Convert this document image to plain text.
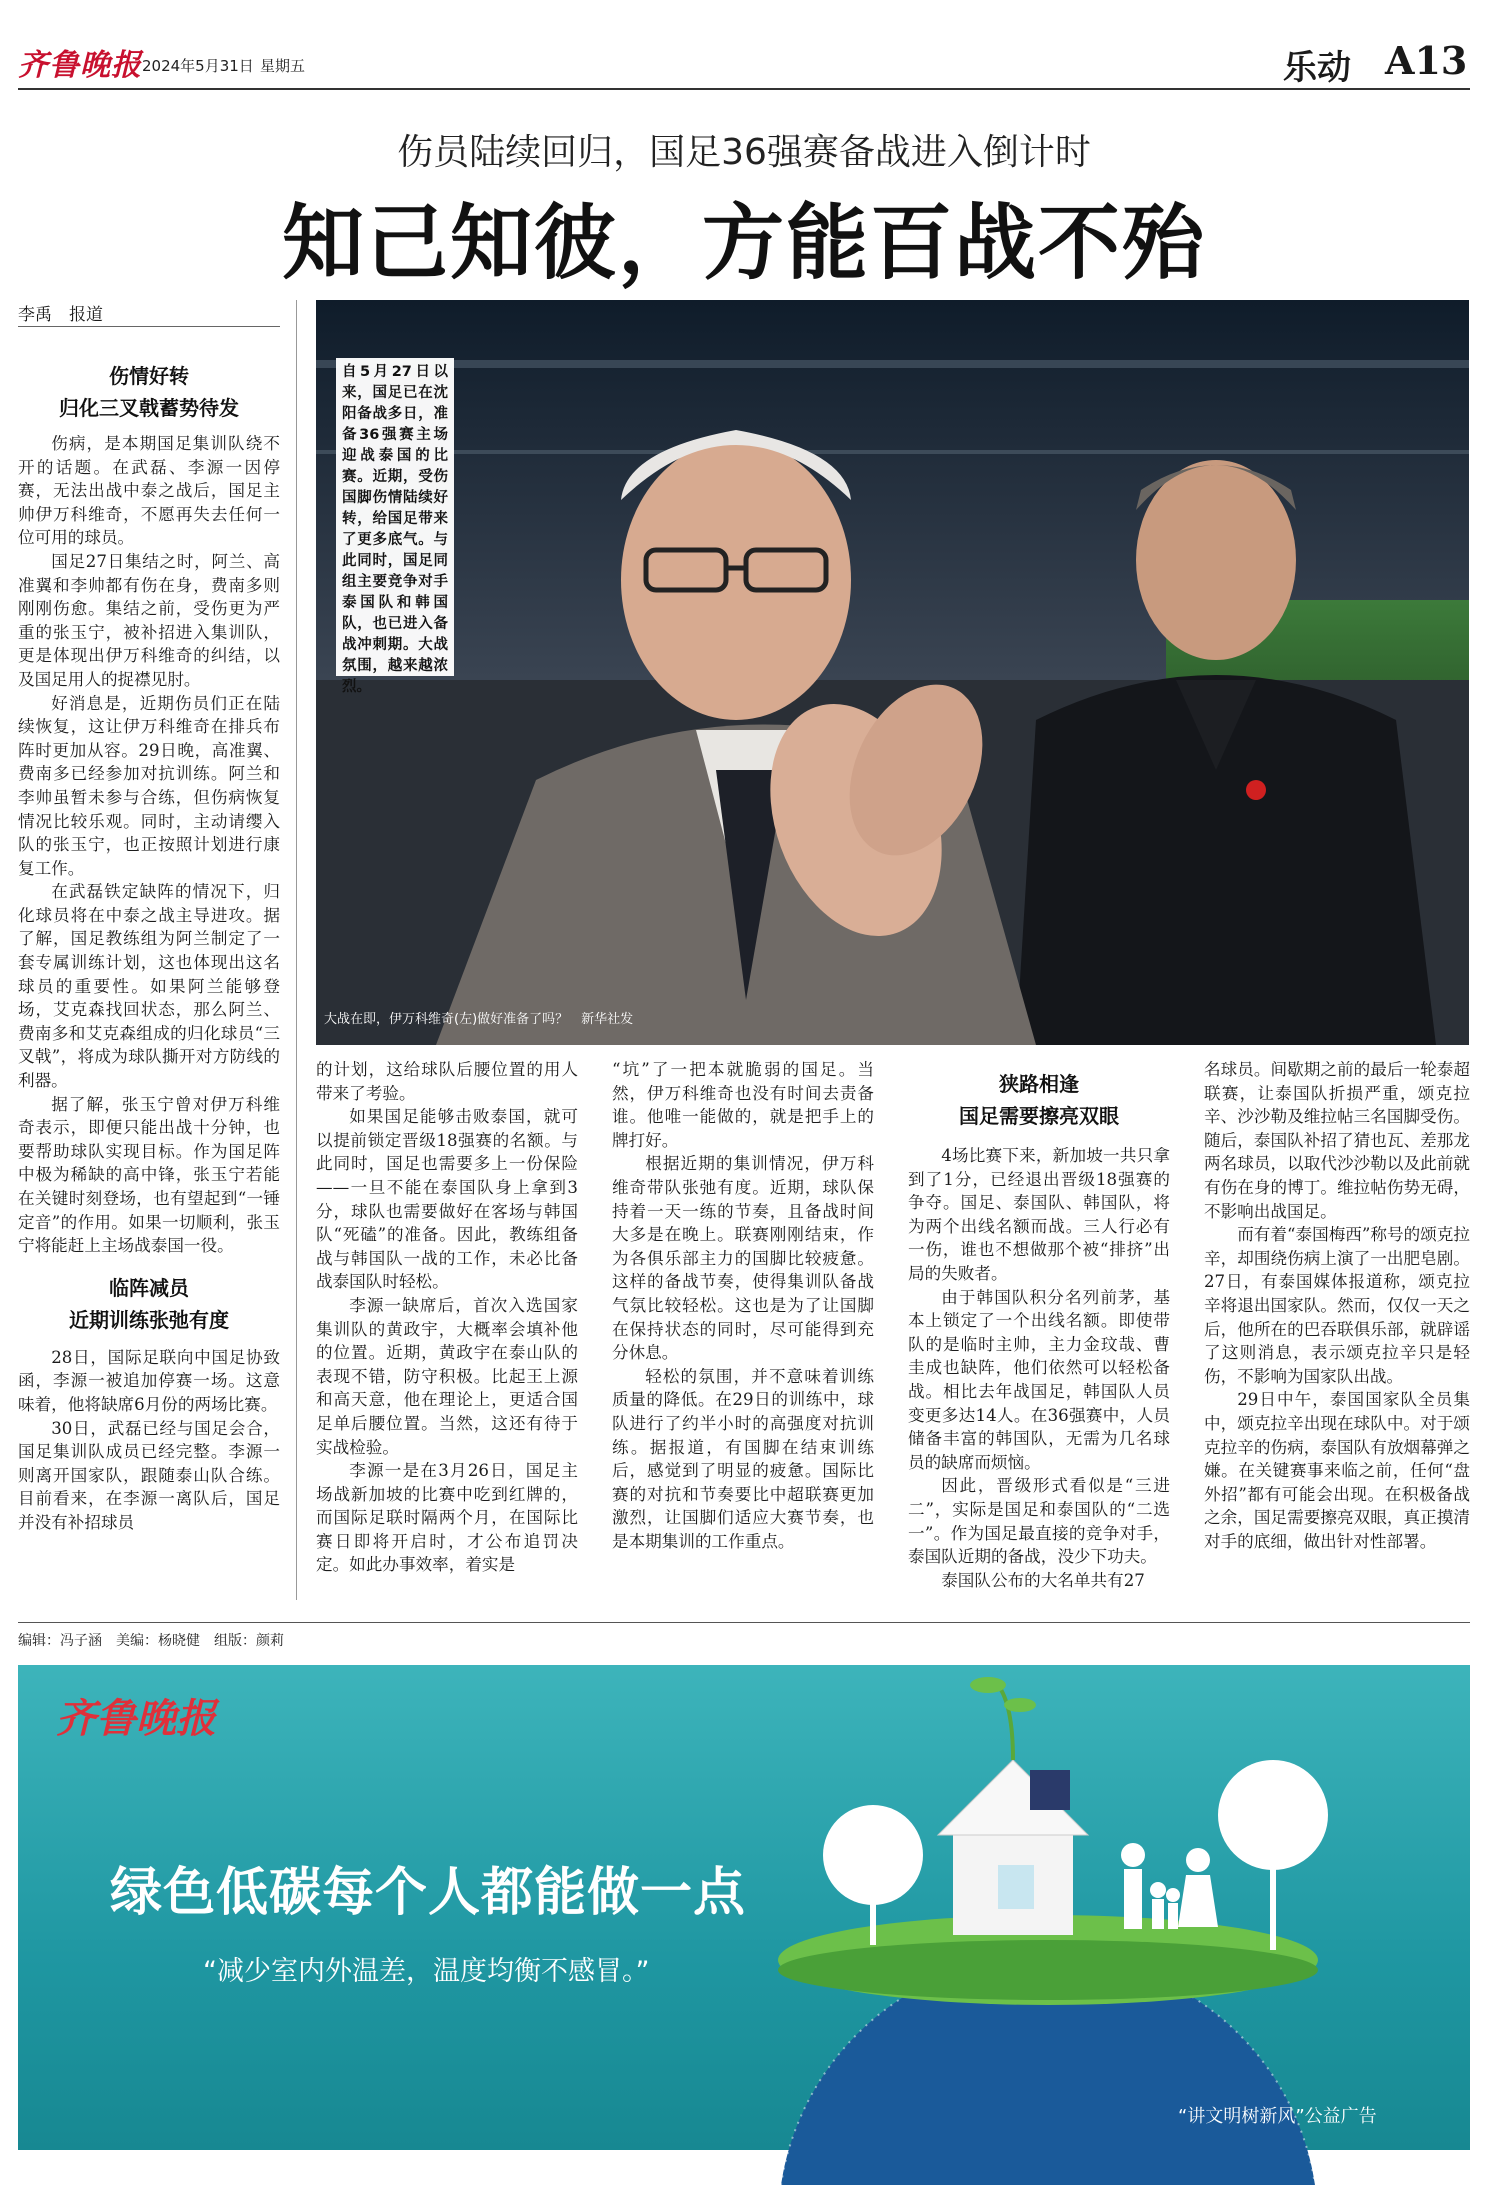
齐鲁晚报 2024年5月31日 星期五	乐动 A13
伤员陆续回归，国足36强赛备战进入倒计时
知己知彼，方能百战不殆
李禹　报道
自5月27日以来，国足已在沈阳备战多日，准备36强赛主场迎战泰国的比赛。近期，受伤国脚伤情陆续好转，给国足带来了更多底气。与此同时，国足同组主要竞争对手泰国队和韩国队，也已进入备战冲刺期。大战氛围，越来越浓烈。
大战在即，伊万科维奇(左)做好准备了吗？　新华社发
伤情好转
归化三叉戟蓄势待发

伤病，是本期国足集训队绕不开的话题。在武磊、李源一因停赛，无法出战中泰之战后，国足主帅伊万科维奇，不愿再失去任何一位可用的球员。

国足27日集结之时，阿兰、高准翼和李帅都有伤在身，费南多则刚刚伤愈。集结之前，受伤更为严重的张玉宁，被补招进入集训队，更是体现出伊万科维奇的纠结，以及国足用人的捉襟见肘。

好消息是，近期伤员们正在陆续恢复，这让伊万科维奇在排兵布阵时更加从容。29日晚，高准翼、费南多已经参加对抗训练。阿兰和李帅虽暂未参与合练，但伤病恢复情况比较乐观。同时，主动请缨入队的张玉宁，也正按照计划进行康复工作。

在武磊铁定缺阵的情况下，归化球员将在中泰之战主导进攻。据了解，国足教练组为阿兰制定了一套专属训练计划，这也体现出这名球员的重要性。如果阿兰能够登场，艾克森找回状态，那么阿兰、费南多和艾克森组成的归化球员“三叉戟”，将成为球队撕开对方防线的利器。

据了解，张玉宁曾对伊万科维奇表示，即便只能出战十分钟，也要帮助球队实现目标。作为国足阵中极为稀缺的高中锋，张玉宁若能在关键时刻登场，也有望起到“一锤定音”的作用。如果一切顺利，张玉宁将能赶上主场战泰国一役。

临阵减员
近期训练张弛有度

28日，国际足联向中国足协致函，李源一被追加停赛一场。这意味着，他将缺席6月份的两场比赛。

30日，武磊已经与国足会合，国足集训队成员已经完整。李源一则离开国家队，跟随泰山队合练。目前看来，在李源一离队后，国足并没有补招球员

的计划，这给球队后腰位置的用人带来了考验。

如果国足能够击败泰国，就可以提前锁定晋级18强赛的名额。与此同时，国足也需要多上一份保险——一旦不能在泰国队身上拿到3分，球队也需要做好在客场与韩国队“死磕”的准备。因此，教练组备战与韩国队一战的工作，未必比备战泰国队时轻松。

李源一缺席后，首次入选国家集训队的黄政宇，大概率会填补他的位置。近期，黄政宇在泰山队的表现不错，防守积极。比起王上源和高天意，他在理论上，更适合国足单后腰位置。当然，这还有待于实战检验。

李源一是在3月26日，国足主场战新加坡的比赛中吃到红牌的，而国际足联时隔两个月，在国际比赛日即将开启时，才公布追罚决定。如此办事效率，着实是

“坑”了一把本就脆弱的国足。当然，伊万科维奇也没有时间去责备谁。他唯一能做的，就是把手上的牌打好。

根据近期的集训情况，伊万科维奇带队张弛有度。近期，球队保持着一天一练的节奏，且备战时间大多是在晚上。联赛刚刚结束，作为各俱乐部主力的国脚比较疲惫。这样的备战节奏，使得集训队备战气氛比较轻松。这也是为了让国脚在保持状态的同时，尽可能得到充分休息。

轻松的氛围，并不意味着训练质量的降低。在29日的训练中，球队进行了约半小时的高强度对抗训练。据报道，有国脚在结束训练后，感觉到了明显的疲惫。国际比赛的对抗和节奏要比中超联赛更加激烈，让国脚们适应大赛节奏，也是本期集训的工作重点。

狭路相逢
国足需要擦亮双眼

4场比赛下来，新加坡一共只拿到了1分，已经退出晋级18强赛的争夺。国足、泰国队、韩国队，将为两个出线名额而战。三人行必有一伤，谁也不想做那个被“排挤”出局的失败者。

由于韩国队积分名列前茅，基本上锁定了一个出线名额。即使带队的是临时主帅，主力金玟哉、曹圭成也缺阵，他们依然可以轻松备战。相比去年战国足，韩国队人员变更多达14人。在36强赛中，人员储备丰富的韩国队，无需为几名球员的缺席而烦恼。

因此，晋级形式看似是“三进二”，实际是国足和泰国队的“二选一”。作为国足最直接的竞争对手，泰国队近期的备战，没少下功夫。

泰国队公布的大名单共有27

名球员。间歇期之前的最后一轮泰超联赛，让泰国队折损严重，颂克拉辛、沙沙勒及维拉帖三名国脚受伤。随后，泰国队补招了猜也瓦、差那龙两名球员，以取代沙沙勒以及此前就有伤在身的博丁。维拉帖伤势无碍，不影响出战国足。

而有着“泰国梅西”称号的颂克拉辛，却围绕伤病上演了一出肥皂剧。27日，有泰国媒体报道称，颂克拉辛将退出国家队。然而，仅仅一天之后，他所在的巴吞联俱乐部，就辟谣了这则消息，表示颂克拉辛只是轻伤，不影响为国家队出战。

29日中午，泰国国家队全员集中，颂克拉辛出现在球队中。对于颂克拉辛的伤病，泰国队有放烟幕弹之嫌。在关键赛事来临之前，任何“盘外招”都有可能会出现。在积极备战之余，国足需要擦亮双眼，真正摸清对手的底细，做出针对性部署。

编辑：冯子涵　美编：杨晓健　组版：颜莉
齐鲁晚报
绿色低碳每个人都能做一点
“减少室内外温差，温度均衡不感冒。”
“讲文明树新风”公益广告
